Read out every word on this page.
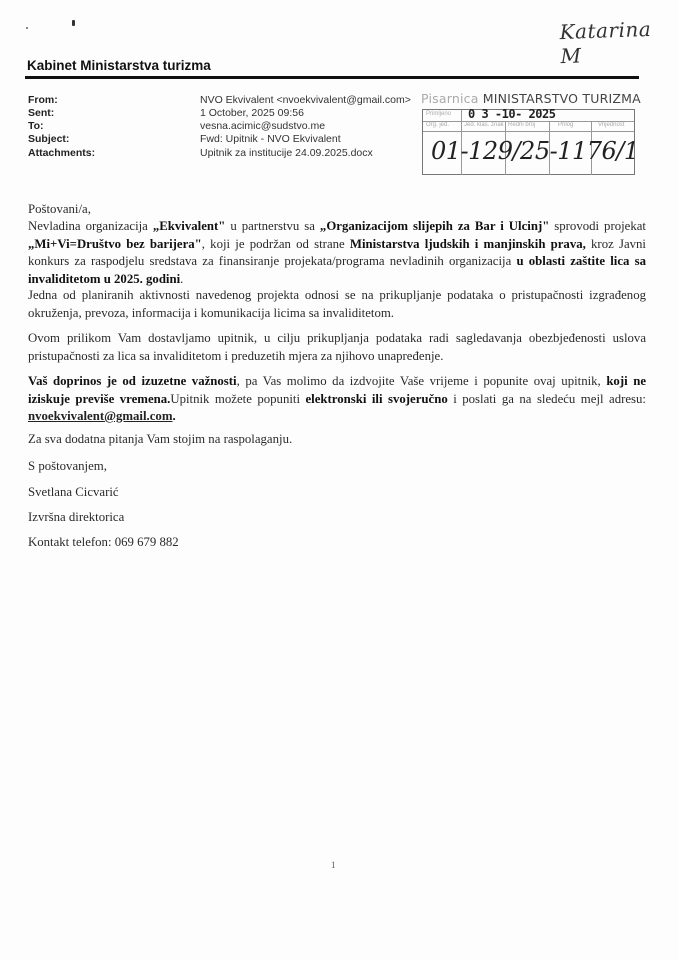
Katarina M
Kabinet Ministarstva turizma
From:	NVO Ekvivalent <nvoekvivalent@gmail.com>
Sent:	1 October, 2025 09:56
To:	vesna.acimic@sudstvo.me
Subject:	Fwd: Upitnik - NVO Ekvivalent
Attachments:	Upitnik za institucije 24.09.2025.docx
Pisarnica MINISTARSTVO TURIZMA
Primljeno 0 3 -10- 2025
Org. jed. Jed. klas. znak Redni broj	Prilog	Vrijednost
01-129/25-1176/1
Poštovani/a,
Nevladina organizacija „Ekvivalent" u partnerstvu sa „Organizacijom slijepih za Bar i Ulcinj" sprovodi projekat „Mi+Vi=Društvo bez barijera", koji je podržan od strane Ministarstva ljudskih i manjinskih prava, kroz Javni konkurs za raspodjelu sredstava za finansiranje projekata/programa nevladinih organizacija u oblasti zaštite lica sa invaliditetom u 2025. godini.
Jedna od planiranih aktivnosti navedenog projekta odnosi se na prikupljanje podataka o pristupačnosti izgrađenog okruženja, prevoza, informacija i komunikacija licima sa invaliditetom.
Ovom prilikom Vam dostavljamo upitnik, u cilju prikupljanja podataka radi sagledavanja obezbjeđenosti uslova pristupačnosti za lica sa invaliditetom i preduzetih mjera za njihovo unapređenje.
Vaš doprinos je od izuzetne važnosti, pa Vas molimo da izdvojite Vaše vrijeme i popunite ovaj upitnik, koji ne iziskuje previše vremena.Upitnik možete popuniti elektronski ili svojeručno i poslati ga na sledeću mejl adresu: nvoekvivalent@gmail.com.
Za sva dodatna pitanja Vam stojim na raspolaganju.
S poštovanjem,
Svetlana Cicvarić
Izvršna direktorica
Kontakt telefon: 069 679 882
1
